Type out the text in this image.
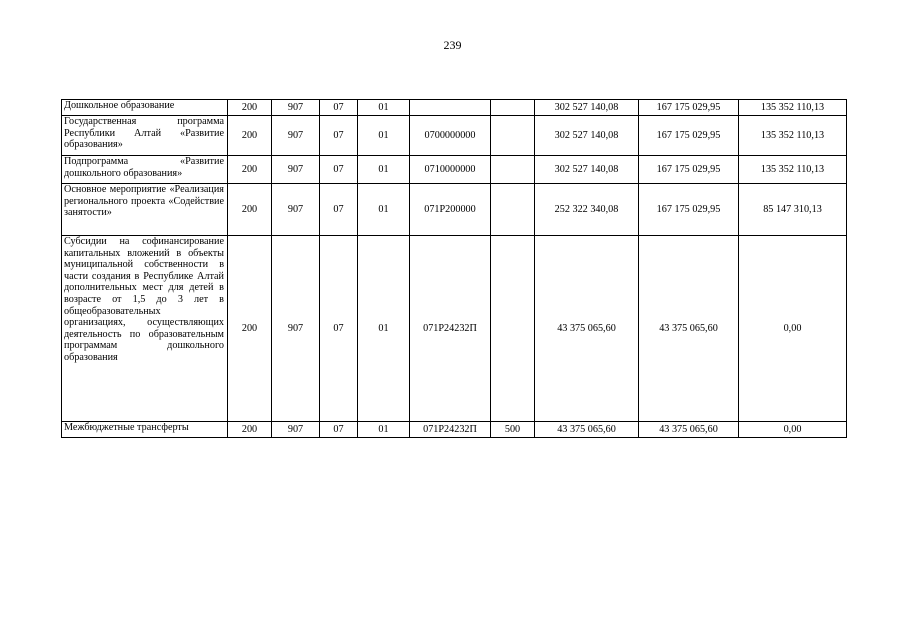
239
Дошкольное образование	200	907	07	01			302 527 140,08	167 175 029,95	135 352 110,13
Государственная программа Республики Алтай «Развитие образования»	200	907	07	01	0700000000		302 527 140,08	167 175 029,95	135 352 110,13
Подпрограмма «Развитие дошкольного образования»	200	907	07	01	0710000000		302 527 140,08	167 175 029,95	135 352 110,13
Основное мероприятие «Реализация регионального проекта «Содействие занятости»	200	907	07	01	071P200000		252 322 340,08	167 175 029,95	85 147 310,13
Субсидии на софинансирование капитальных вложений в объекты муниципальной собственности в части создания в Республике Алтай дополнительных мест для детей в возрасте от 1,5 до 3 лет в общеобразовательных организациях, осуществляющих деятельность по образовательным программам дошкольного образования	200	907	07	01	071P24232П		43 375 065,60	43 375 065,60	0,00
Межбюджетные трансферты	200	907	07	01	071P24232П	500	43 375 065,60	43 375 065,60	0,00
